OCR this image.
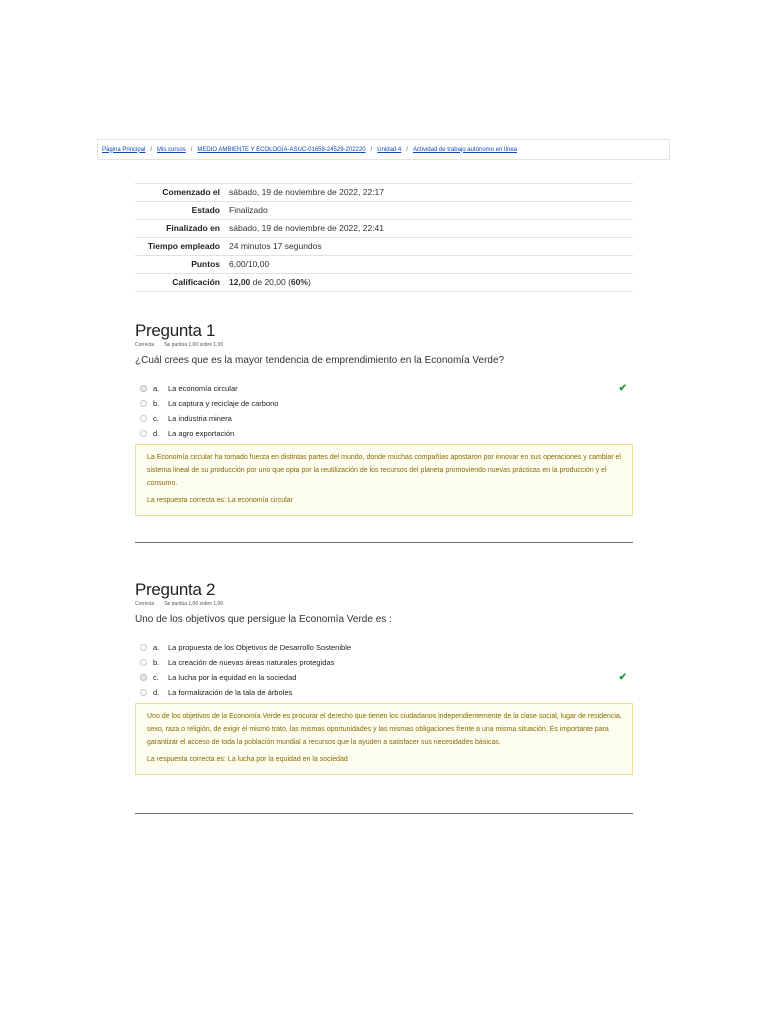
Página Principal / Mis cursos / MEDIO AMBIENTE Y ECOLOGÍA-ASUC-01658-24529-202220 / Unidad 4 / Actividad de trabajo autónomo en línea
Comenzado el	sábado, 19 de noviembre de 2022, 22:17
Estado	Finalizado
Finalizado en	sábado, 19 de noviembre de 2022, 22:41
Tiempo empleado	24 minutos 17 segundos
Puntos	6,00/10,00
Calificación	12,00 de 20,00 (60%)
Pregunta 1
Correcta Se puntúa 1,00 sobre 1,00

¿Cuál crees que es la mayor tendencia de emprendimiento en la Economía Verde?

a.	La economía circular	✔
b.	La captura y reciclaje de carbono
c.	La industria minera
d.	La agro exportación

La Economía circular ha tomado fuerza en distintas partes del mundo, donde muchas compañías apostaron por innovar en sus operaciones y cambiar el sistema lineal de su producción por uno que opta por la reutilización de los recursos del planeta promoviendo nuevas prácticas en la producción y el consumo.

La respuesta correcta es: La economía circular

Pregunta 2
Correcta Se puntúa 1,00 sobre 1,00

Uno de los objetivos que persigue la Economía Verde es :

a.	La propuesta de los Objetivos de Desarrollo Sostenible
b.	La creación de nuevas áreas naturales protegidas
c.	La lucha por la equidad en la sociedad	✔
d.	La formalización de la tala de árboles

Uno de los objetivos de la Economía Verde es procurar el derecho que tienen los ciudadanos independientemente de la clase social, lugar de residencia, sexo, raza o religión, de exigir el mismo trato, las mismas oportunidades y las mismas obligaciones frente a una misma situación. Es importante para garantizar el acceso de toda la población mundial a recursos que la ayuden a satisfacer sus necesidades básicas.

La respuesta correcta es: La lucha por la equidad en la sociedad
